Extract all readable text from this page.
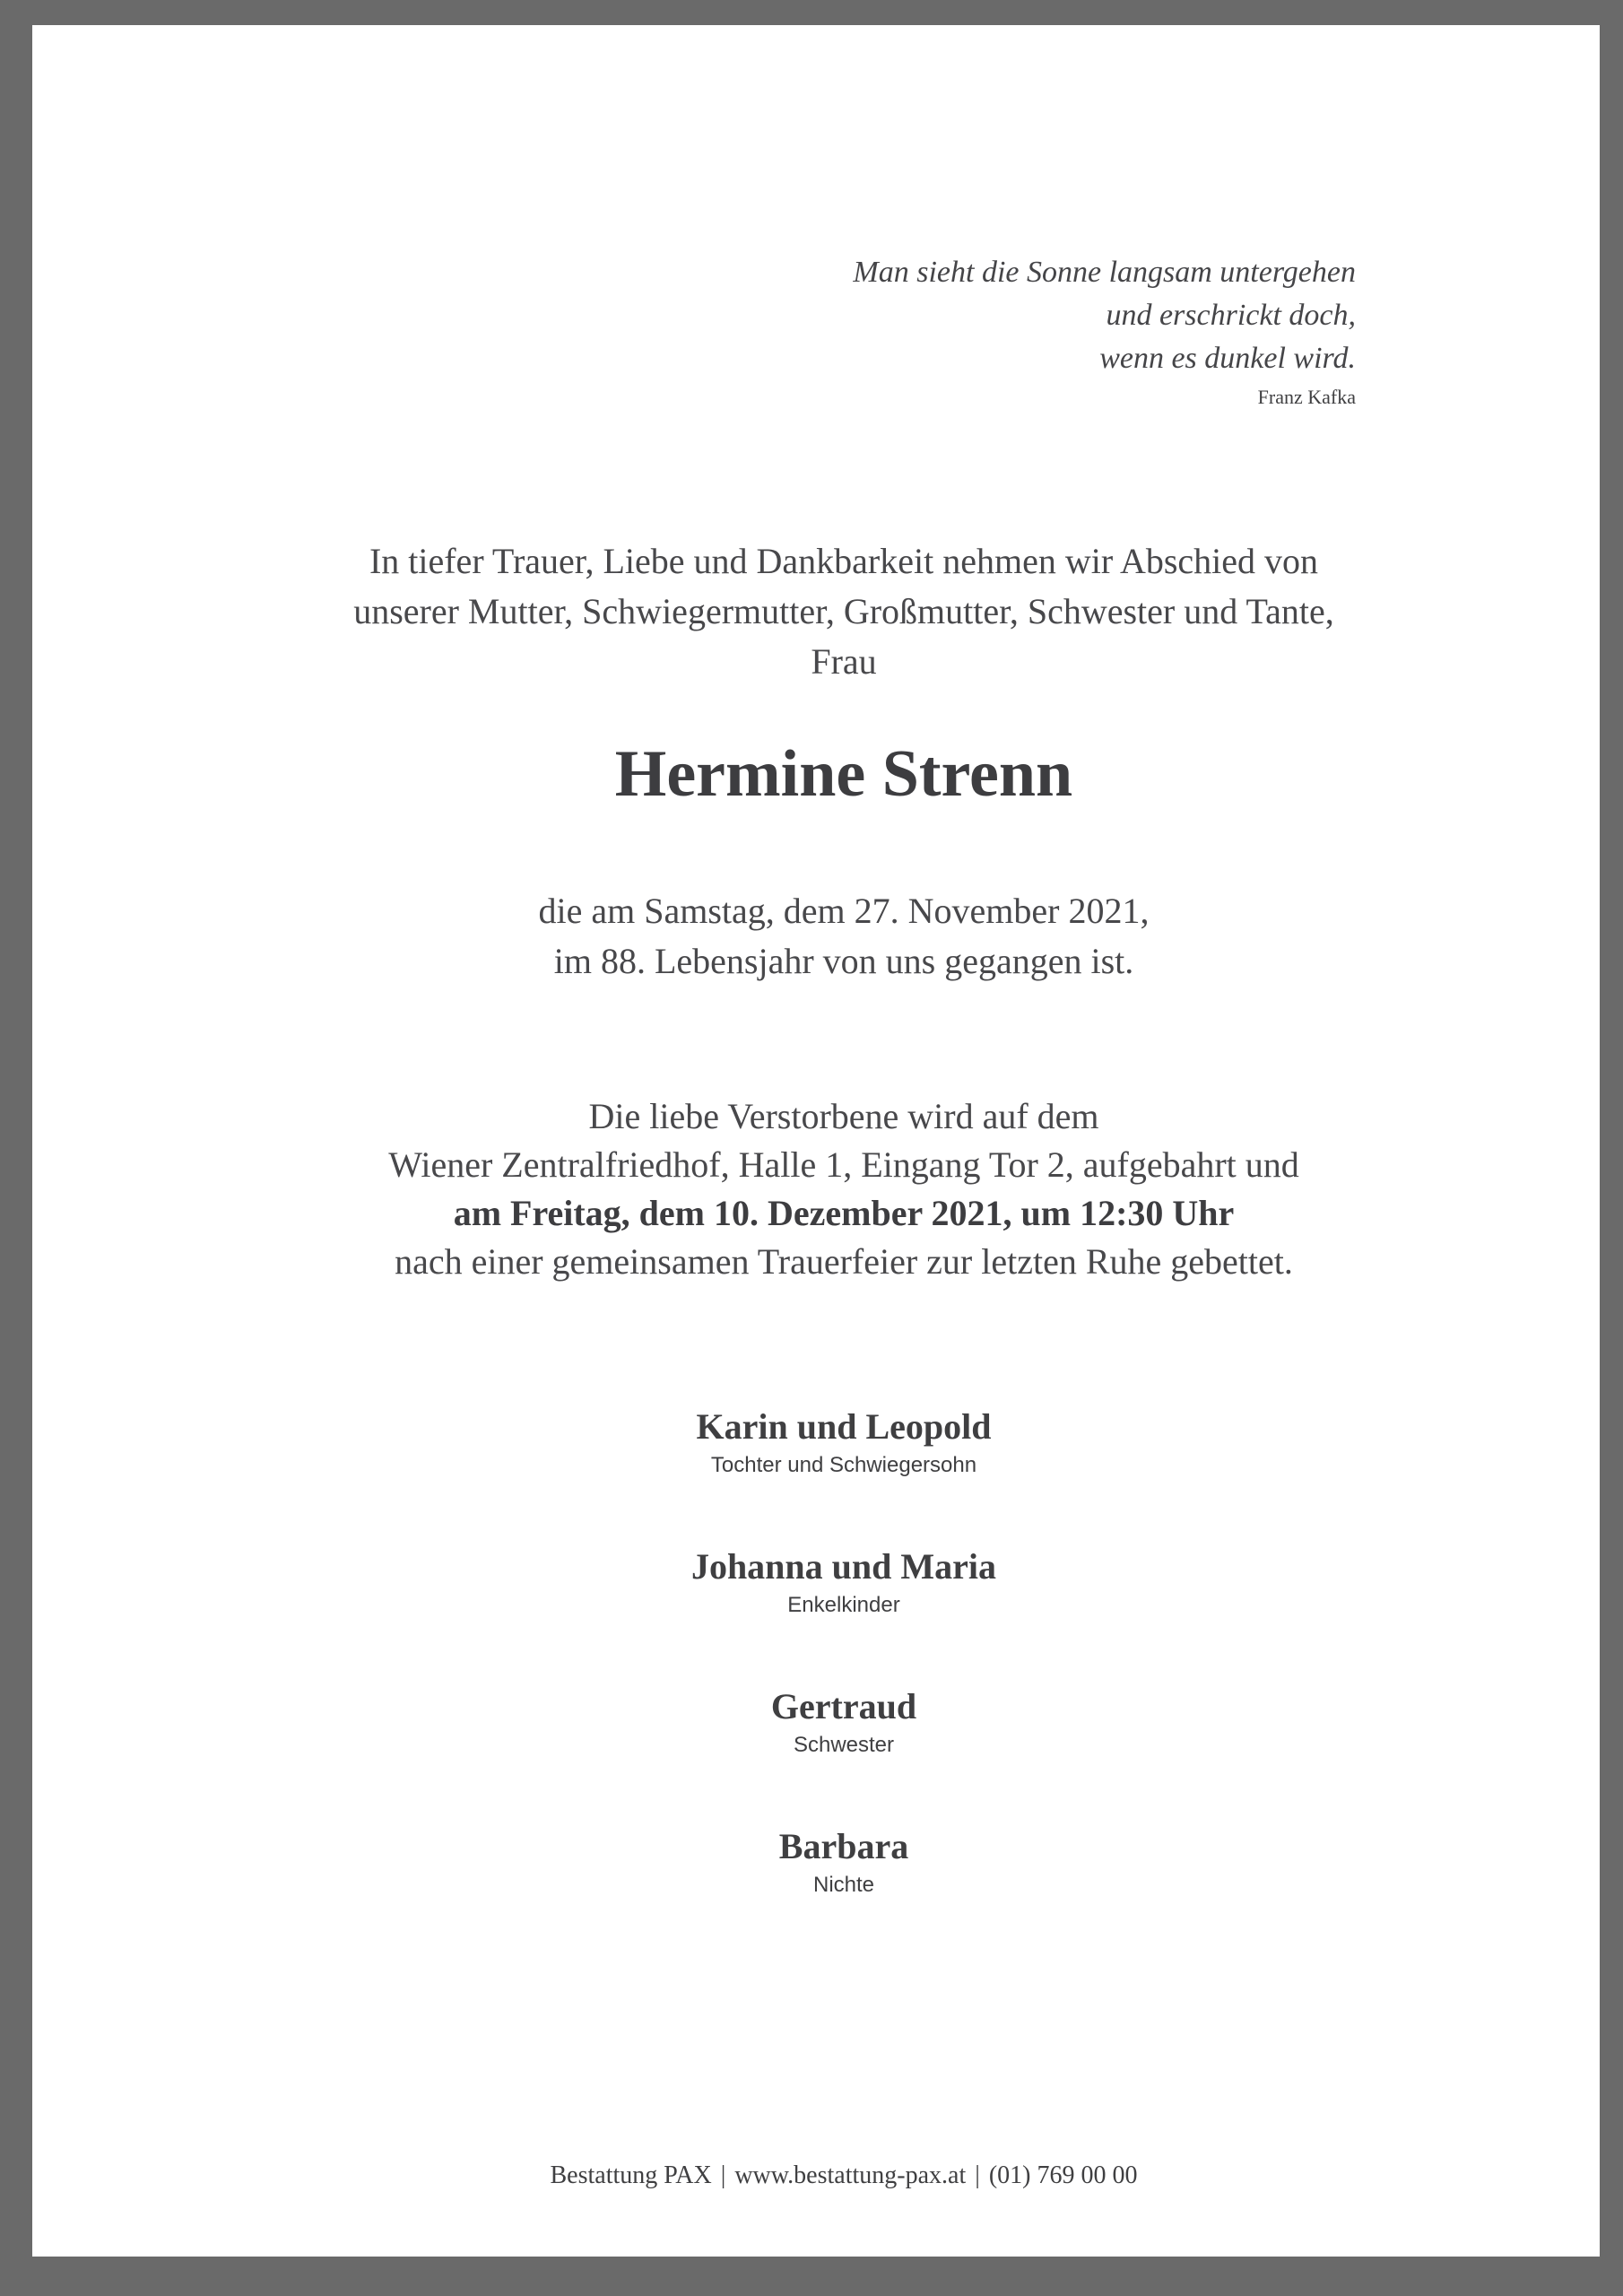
Man sieht die Sonne langsam untergehen
und erschrickt doch,
wenn es dunkel wird.
Franz Kafka
In tiefer Trauer, Liebe und Dankbarkeit nehmen wir Abschied von
unserer Mutter, Schwiegermutter, Großmutter, Schwester und Tante,
Frau
Hermine Strenn
die am Samstag, dem 27. November 2021,
im 88. Lebensjahr von uns gegangen ist.
Die liebe Verstorbene wird auf dem
Wiener Zentralfriedhof, Halle 1, Eingang Tor 2, aufgebahrt und
am Freitag, dem 10. Dezember 2021, um 12:30 Uhr
nach einer gemeinsamen Trauerfeier zur letzten Ruhe gebettet.
Karin und Leopold
Tochter und Schwiegersohn
Johanna und Maria
Enkelkinder
Gertraud
Schwester
Barbara
Nichte
Bestattung PAX | www.bestattung-pax.at | (01) 769 00 00
